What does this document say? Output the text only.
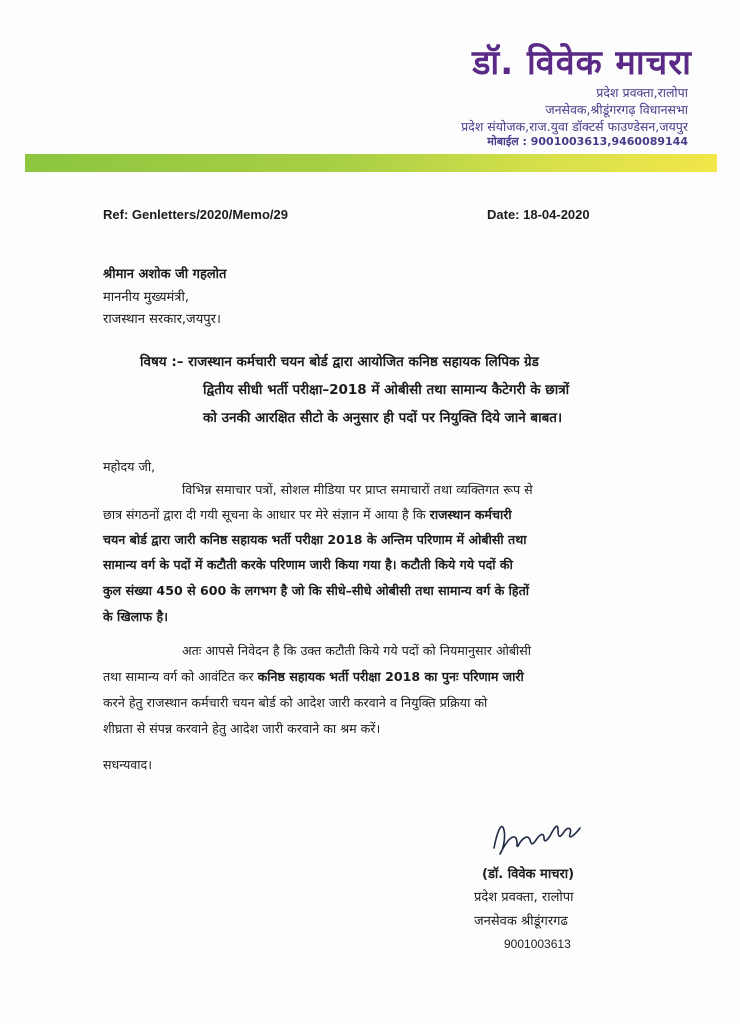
डॉ. विवेक माचरा
प्रदेश प्रवक्ता,रालोपा
जनसेवक,श्रीडूंगरगढ़ विधानसभा
प्रदेश संयोजक,राज.युवा डॉक्टर्स फाउण्डेसन,जयपुर
मोबाईल : 9001003613,9460089144
Ref: Genletters/2020/Memo/29	Date: 18-04-2020
श्रीमान अशोक जी गहलोत
माननीय मुख्यमंत्री,
राजस्थान सरकार,जयपुर।
विषय :– राजस्थान कर्मचारी चयन बोर्ड द्वारा आयोजित कनिष्ठ सहायक लिपिक ग्रेड
द्वितीय सीधी भर्ती परीक्षा–2018 में ओबीसी तथा सामान्य कैटेगरी के छात्रों
को उनकी आरक्षित सीटो के अनुसार ही पदों पर नियुक्ति दिये जाने बाबत।
महोदय जी,
विभिन्न समाचार पत्रों, सोशल मीडिया पर प्राप्त समाचारों तथा व्यक्तिगत रूप से
छात्र संगठनों द्वारा दी गयी सूचना के आधार पर मेरे संज्ञान में आया है कि राजस्थान कर्मचारी
चयन बोर्ड द्वारा जारी कनिष्ठ सहायक भर्ती परीक्षा 2018 के अन्तिम परिणाम में ओबीसी तथा
सामान्य वर्ग के पदों में कटौती करके परिणाम जारी किया गया है। कटौती किये गये पदों की
कुल संख्या 450 से 600 के लगभग है जो कि सीधे–सीधे ओबीसी तथा सामान्य वर्ग के हितों
के खिलाफ है।
अतः आपसे निवेदन है कि उक्त कटौती किये गये पदों को नियमानुसार ओबीसी
तथा सामान्य वर्ग को आवंटित कर कनिष्ठ सहायक भर्ती परीक्षा 2018 का पुनः परिणाम जारी
करने हेतु राजस्थान कर्मचारी चयन बोर्ड को आदेश जारी करवाने व नियुक्ति प्रक्रिया को
शीघ्रता से संपन्न करवाने हेतु आदेश जारी करवाने का श्रम करें।
सधन्यवाद।
(डॉ. विवेक माचरा)
प्रदेश प्रवक्ता, रालोपा
जनसेवक श्रीडूंगरगढ
9001003613
